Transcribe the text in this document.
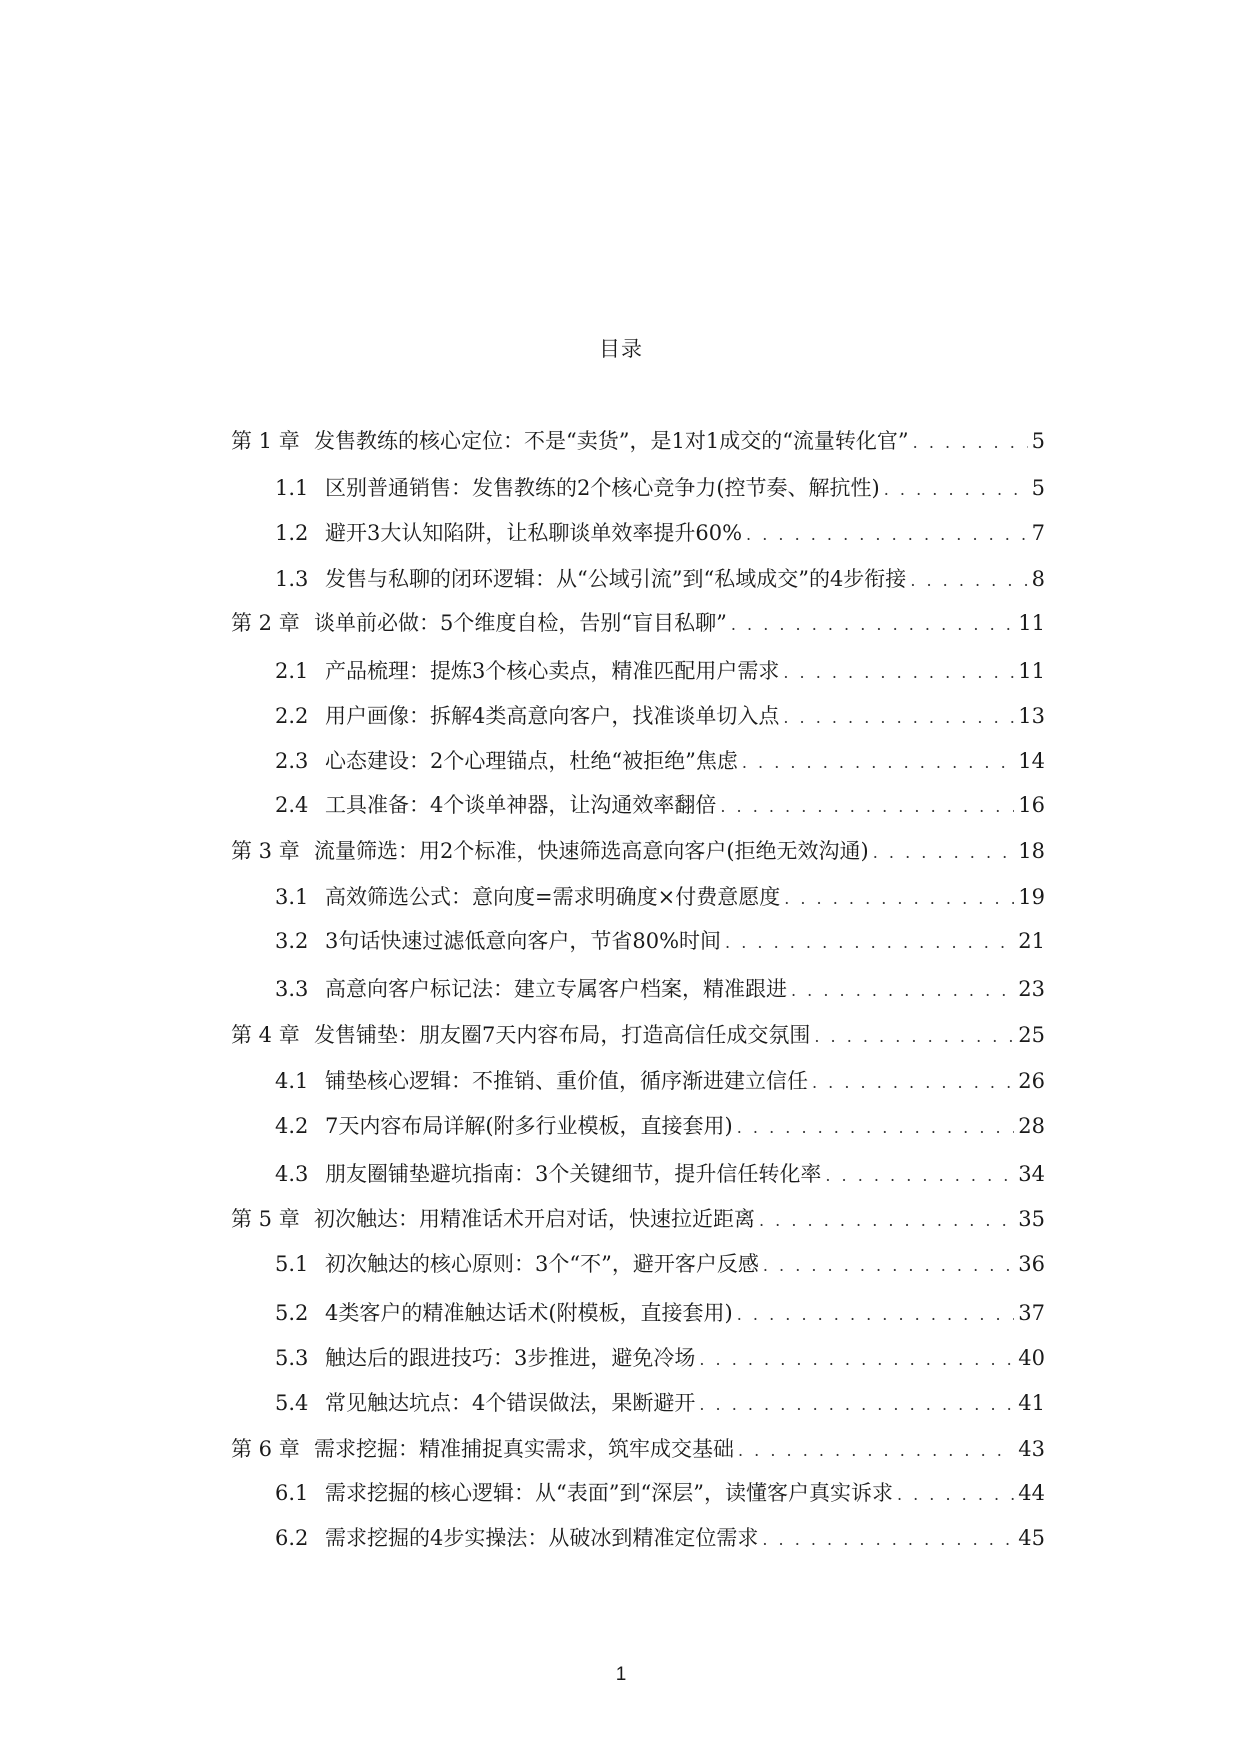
目录
第 1 章 发售教练的核心定位：不是“卖货”，是1对1成交的“流量转化官” . . .	5
1.1 区别普通销售：发售教练的2个核心竞争力(控节奏、解抗性) . . .	5
1.2 避开3大认知陷阱，让私聊谈单效率提升60% . . .	7
1.3 发售与私聊的闭环逻辑：从“公域引流”到“私域成交”的4步衔接 . . .	8
第 2 章 谈单前必做：5个维度自检，告别“盲目私聊” . . .	11
2.1 产品梳理：提炼3个核心卖点，精准匹配用户需求 . . .	11
2.2 用户画像：拆解4类高意向客户，找准谈单切入点 . . .	13
2.3 心态建设：2个心理锚点，杜绝“被拒绝”焦虑 . . .	14
2.4 工具准备：4个谈单神器，让沟通效率翻倍 . . .	16
第 3 章 流量筛选：用2个标准，快速筛选高意向客户(拒绝无效沟通) . . .	18
3.1 高效筛选公式：意向度=需求明确度×付费意愿度 . . .	19
3.2 3句话快速过滤低意向客户，节省80%时间 . . .	21
3.3 高意向客户标记法：建立专属客户档案，精准跟进 . . .	23
第 4 章 发售铺垫：朋友圈7天内容布局，打造高信任成交氛围 . . .	25
4.1 铺垫核心逻辑：不推销、重价值，循序渐进建立信任 . . .	26
4.2 7天内容布局详解(附多行业模板，直接套用) . . .	28
4.3 朋友圈铺垫避坑指南：3个关键细节，提升信任转化率 . . .	34
第 5 章 初次触达：用精准话术开启对话，快速拉近距离 . . .	35
5.1 初次触达的核心原则：3个“不”，避开客户反感 . . .	36
5.2 4类客户的精准触达话术(附模板，直接套用) . . .	37
5.3 触达后的跟进技巧：3步推进，避免冷场 . . .	40
5.4 常见触达坑点：4个错误做法，果断避开 . . .	41
第 6 章 需求挖掘：精准捕捉真实需求，筑牢成交基础 . . .	43
6.1 需求挖掘的核心逻辑：从“表面”到“深层”，读懂客户真实诉求 . . .	44
6.2 需求挖掘的4步实操法：从破冰到精准定位需求 . . .	45
1
